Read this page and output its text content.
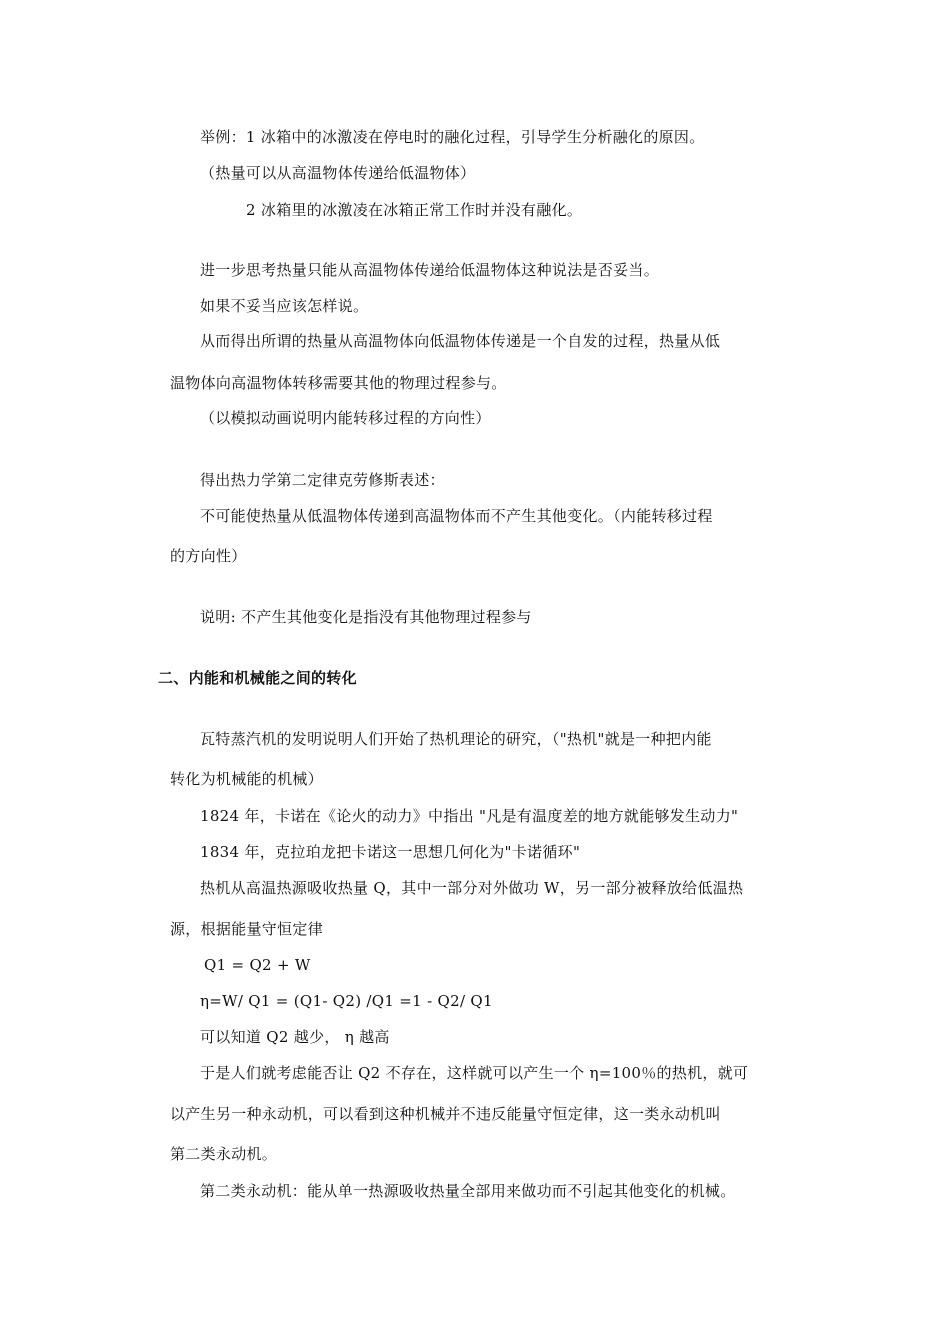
举例：1 冰箱中的冰激凌在停电时的融化过程，引导学生分析融化的原因。
（热量可以从高温物体传递给低温物体）
2 冰箱里的冰激凌在冰箱正常工作时并没有融化。
进一步思考热量只能从高温物体传递给低温物体这种说法是否妥当。
如果不妥当应该怎样说。
从而得出所谓的热量从高温物体向低温物体传递是一个自发的过程，热量从低
温物体向高温物体转移需要其他的物理过程参与。
（以模拟动画说明内能转移过程的方向性）
得出热力学第二定律克劳修斯表述：
不可能使热量从低温物体传递到高温物体而不产生其他变化。（内能转移过程
的方向性）
说明: 不产生其他变化是指没有其他物理过程参与
二、内能和机械能之间的转化
瓦特蒸汽机的发明说明人们开始了热机理论的研究，（"热机"就是一种把内能
转化为机械能的机械）
1824 年，卡诺在《论火的动力》中指出 "凡是有温度差的地方就能够发生动力"
1834 年，克拉珀龙把卡诺这一思想几何化为"卡诺循环"
热机从高温热源吸收热量 Q，其中一部分对外做功 W，另一部分被释放给低温热
源，根据能量守恒定律
Q1 = Q2 + W
η=W/ Q1 = (Q1- Q2) /Q1 =1 - Q2/ Q1
可以知道 Q2 越少， η 越高
于是人们就考虑能否让 Q2 不存在，这样就可以产生一个 η=100％的热机，就可
以产生另一种永动机，可以看到这种机械并不违反能量守恒定律，这一类永动机叫
第二类永动机。
第二类永动机：能从单一热源吸收热量全部用来做功而不引起其他变化的机械。
